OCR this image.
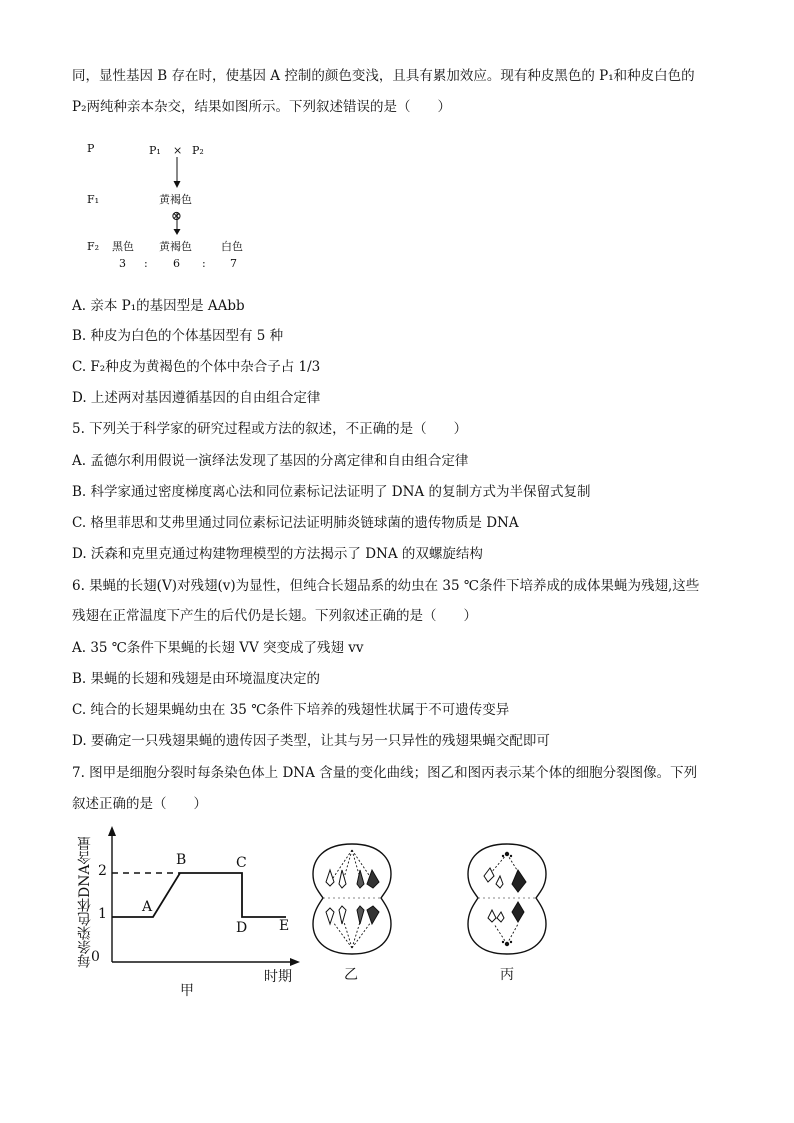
同，显性基因 B 存在时，使基因 A 控制的颜色变浅，且具有累加效应。现有种皮黑色的 P₁和种皮白色的
P₂两纯种亲本杂交，结果如图所示。下列叙述错误的是（　　）
P	P₁ × P₂
F₁	黄褐色
⊗
F₂ 黑色 黄褐色	白色
3 : 6 : 7
A. 亲本 P₁的基因型是 AAbb
B. 种皮为白色的个体基因型有 5 种
C. F₂种皮为黄褐色的个体中杂合子占 1/3
D. 上述两对基因遵循基因的自由组合定律
5. 下列关于科学家的研究过程或方法的叙述，不正确的是（　　）
A. 孟德尔利用假说一演绎法发现了基因的分离定律和自由组合定律
B. 科学家通过密度梯度离心法和同位素标记法证明了 DNA 的复制方式为半保留式复制
C. 格里菲思和艾弗里通过同位素标记法证明肺炎链球菌的遗传物质是 DNA
D. 沃森和克里克通过构建物理模型的方法揭示了 DNA 的双螺旋结构
6. 果蝇的长翅(V)对残翅(v)为显性，但纯合长翅品系的幼虫在 35 ℃条件下培养成的成体果蝇为残翅,这些
残翅在正常温度下产生的后代仍是长翅。下列叙述正确的是（　　）
A. 35 ℃条件下果蝇的长翅 VV 突变成了残翅 vv
B. 果蝇的长翅和残翅是由环境温度决定的
C. 纯合的长翅果蝇幼虫在 35 ℃条件下培养的残翅性状属于不可遗传变异
D. 要确定一只残翅果蝇的遗传因子类型，让其与另一只异性的残翅果蝇交配即可
7. 图甲是细胞分裂时每条染色体上 DNA 含量的变化曲线；图乙和图丙表示某个体的细胞分裂图像。下列
叙述正确的是（　　）
每条染色体DNA含量
0
1
2
A
B	C
D E
时期
甲
乙	丙
